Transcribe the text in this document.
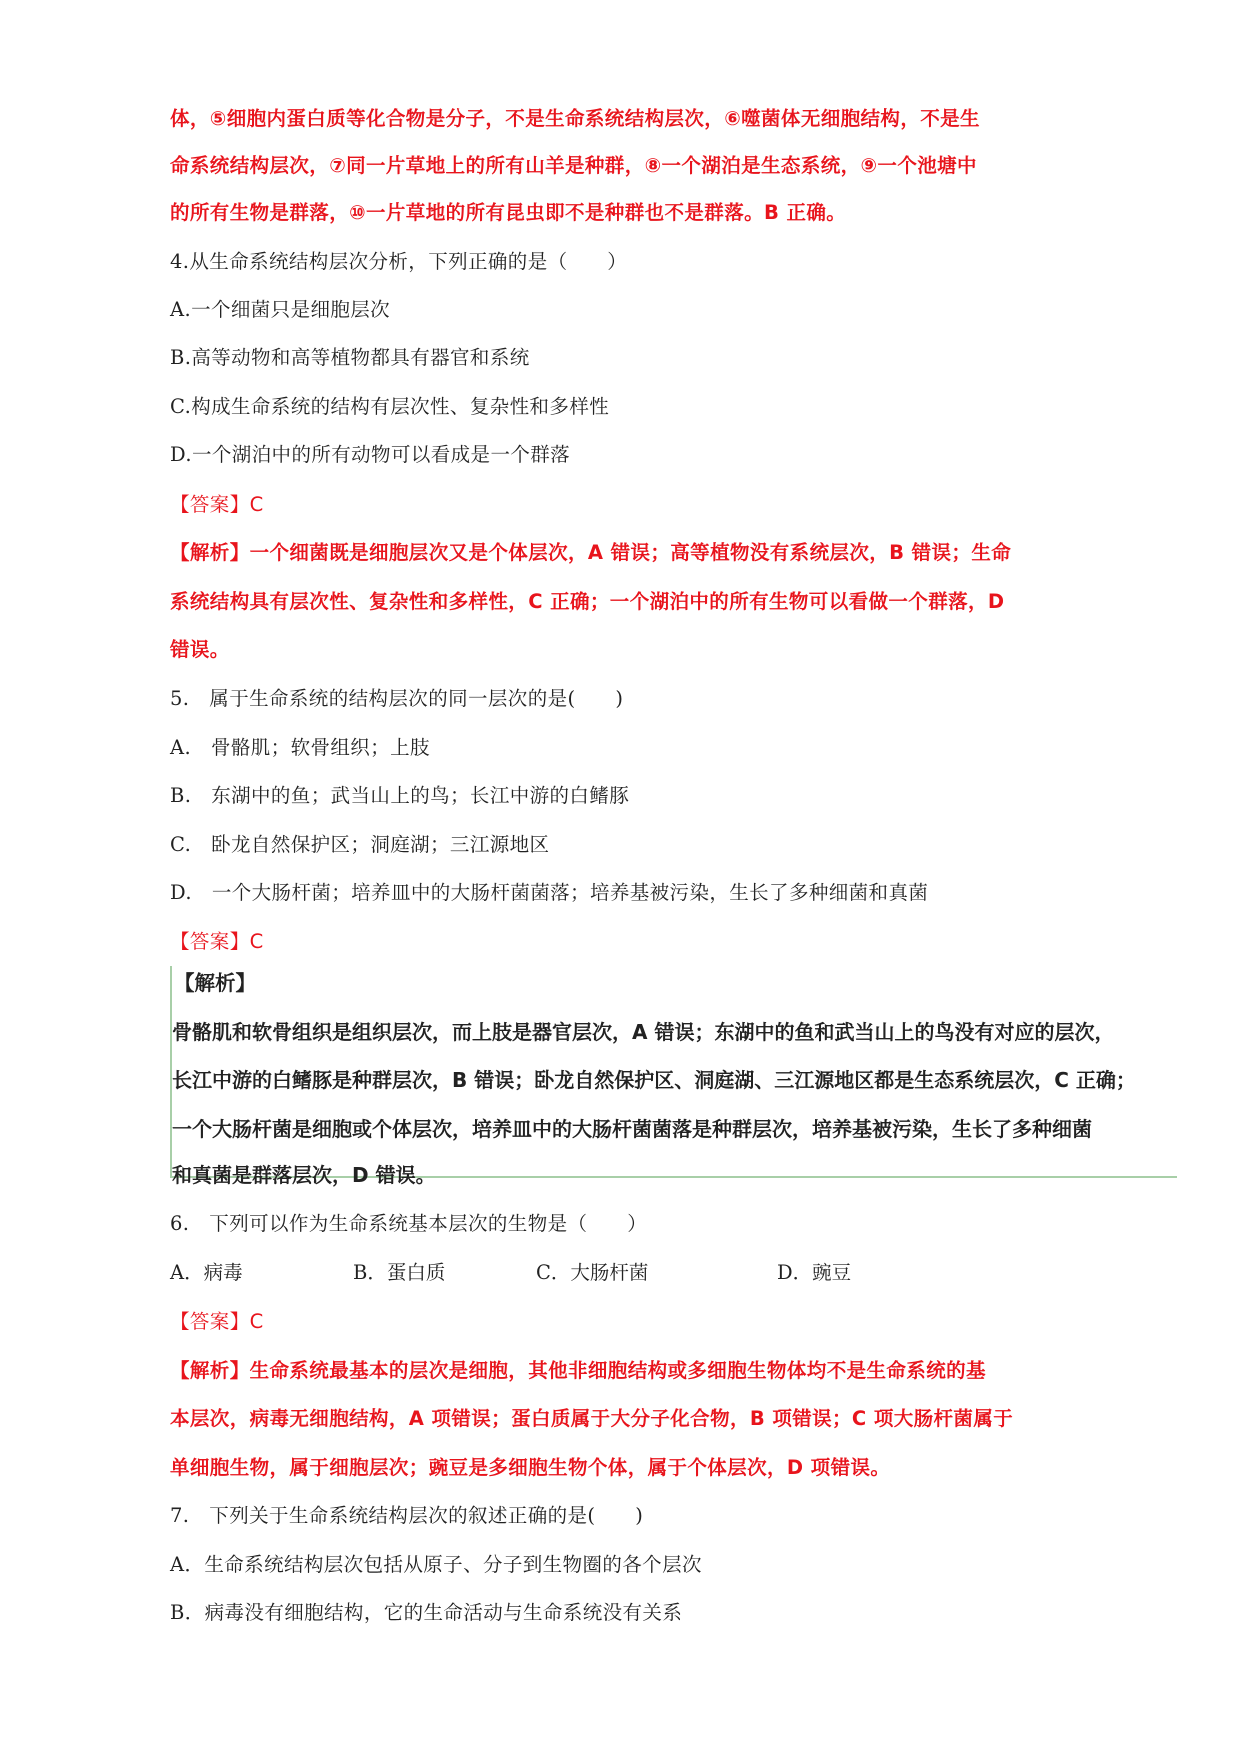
体，⑤细胞内蛋白质等化合物是分子，不是生命系统结构层次，⑥噬菌体无细胞结构，不是生
命系统结构层次，⑦同一片草地上的所有山羊是种群，⑧一个湖泊是生态系统，⑨一个池塘中
的所有生物是群落，⑩一片草地的所有昆虫即不是种群也不是群落。B 正确。
4.从生命系统结构层次分析，下列正确的是（　　）
A.一个细菌只是细胞层次
B.高等动物和高等植物都具有器官和系统
C.构成生命系统的结构有层次性、复杂性和多样性
D.一个湖泊中的所有动物可以看成是一个群落
【答案】C
【解析】一个细菌既是细胞层次又是个体层次，A 错误；高等植物没有系统层次，B 错误；生命
系统结构具有层次性、复杂性和多样性，C 正确；一个湖泊中的所有生物可以看做一个群落，D
错误。
5.　属于生命系统的结构层次的同一层次的是(　　)
A.　骨骼肌；软骨组织；上肢
B.　东湖中的鱼；武当山上的鸟；长江中游的白鳍豚
C.　卧龙自然保护区；洞庭湖；三江源地区
D.　一个大肠杆菌；培养皿中的大肠杆菌菌落；培养基被污染，生长了多种细菌和真菌
【答案】C
【解析】
骨骼肌和软骨组织是组织层次，而上肢是器官层次，A 错误；东湖中的鱼和武当山上的鸟没有对应的层次，
长江中游的白鳍豚是种群层次，B 错误；卧龙自然保护区、洞庭湖、三江源地区都是生态系统层次，C 正确；
一个大肠杆菌是细胞或个体层次，培养皿中的大肠杆菌菌落是种群层次，培养基被污染，生长了多种细菌
和真菌是群落层次，D 错误。
6.　下列可以作为生命系统基本层次的生物是（　　）
A．病毒	B．蛋白质	C．大肠杆菌	D．豌豆
【答案】C
【解析】生命系统最基本的层次是细胞，其他非细胞结构或多细胞生物体均不是生命系统的基
本层次，病毒无细胞结构，A 项错误；蛋白质属于大分子化合物，B 项错误；C 项大肠杆菌属于
单细胞生物，属于细胞层次；豌豆是多细胞生物个体，属于个体层次，D 项错误。
7.　下列关于生命系统结构层次的叙述正确的是(　　)
A．生命系统结构层次包括从原子、分子到生物圈的各个层次
B．病毒没有细胞结构，它的生命活动与生命系统没有关系
